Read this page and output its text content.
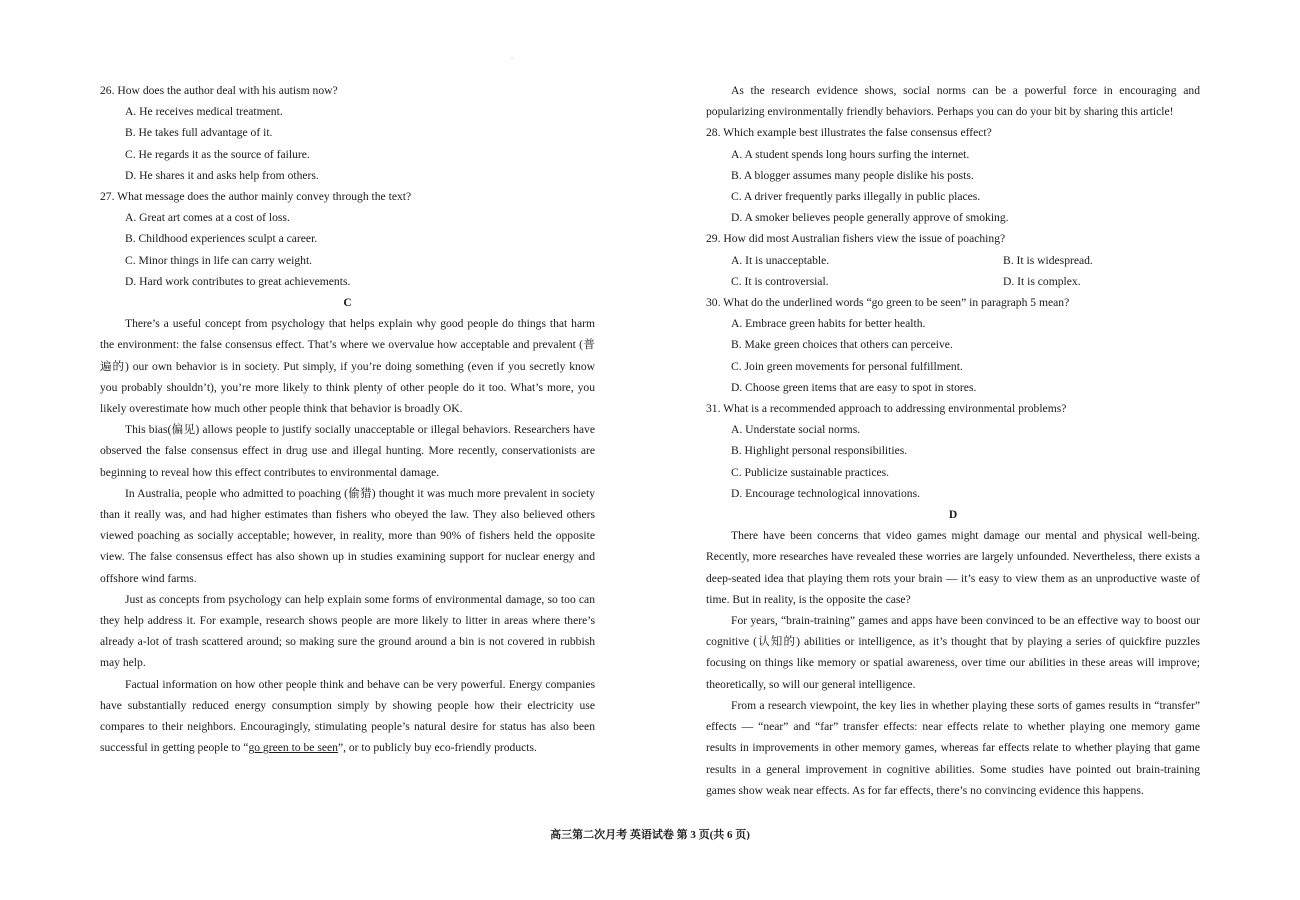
.

26. How does the author deal with his autism now?

A. He receives medical treatment.

B. He takes full advantage of it.

C. He regards it as the source of failure.

D. He shares it and asks help from others.

27. What message does the author mainly convey through the text?

A. Great art comes at a cost of loss.

B. Childhood experiences sculpt a career.

C. Minor things in life can carry weight.

D. Hard work contributes to great achievements.

C

There’s a useful concept from psychology that helps explain why good people do things that harm the environment: the false consensus effect. That’s where we overvalue how acceptable and prevalent (普遍的) our own behavior is in society. Put simply, if you’re doing something (even if you secretly know you probably shouldn’t), you’re more likely to think plenty of other people do it too. What’s more, you likely overestimate how much other people think that behavior is broadly OK.

This bias(偏见) allows people to justify socially unacceptable or illegal behaviors. Researchers have observed the false consensus effect in drug use and illegal hunting. More recently, conservationists are beginning to reveal how this effect contributes to environmental damage.

In Australia, people who admitted to poaching (偷猎) thought it was much more prevalent in society than it really was, and had higher estimates than fishers who obeyed the law. They also believed others viewed poaching as socially acceptable; however, in reality, more than 90% of fishers held the opposite view. The false consensus effect has also shown up in studies examining support for nuclear energy and offshore wind farms.

Just as concepts from psychology can help explain some forms of environmental damage, so too can they help address it. For example, research shows people are more likely to litter in areas where there’s already a-lot of trash scattered around; so making sure the ground around a bin is not covered in rubbish may help.

Factual information on how other people think and behave can be very powerful. Energy companies have substantially reduced energy consumption simply by showing people how their electricity use compares to their neighbors. Encouragingly, stimulating people’s natural desire for status has also been successful in getting people to “go green to be seen”, or to publicly buy eco-friendly products.

As the research evidence shows, social norms can be a powerful force in encouraging and popularizing environmentally friendly behaviors. Perhaps you can do your bit by sharing this article!

28. Which example best illustrates the false consensus effect?

A. A student spends long hours surfing the internet.

B. A blogger assumes many people dislike his posts.

C. A driver frequently parks illegally in public places.

D. A smoker believes people generally approve of smoking.

29. How did most Australian fishers view the issue of poaching?

A. It is unacceptable.	B. It is widespread.
C. It is controversial.	D. It is complex.

30. What do the underlined words “go green to be seen” in paragraph 5 mean?

A. Embrace green habits for better health.

B. Make green choices that others can perceive.

C. Join green movements for personal fulfillment.

D. Choose green items that are easy to spot in stores.

31. What is a recommended approach to addressing environmental problems?

A. Understate social norms.

B. Highlight personal responsibilities.

C. Publicize sustainable practices.

D. Encourage technological innovations.

D

There have been concerns that video games might damage our mental and physical well-being. Recently, more researches have revealed these worries are largely unfounded. Nevertheless, there exists a deep-seated idea that playing them rots your brain — it’s easy to view them as an unproductive waste of time. But in reality, is the opposite the case?

For years, “brain-training” games and apps have been convinced to be an effective way to boost our cognitive (认知的) abilities or intelligence, as it’s thought that by playing a series of quickfire puzzles focusing on things like memory or spatial awareness, over time our abilities in these areas will improve; theoretically, so will our general intelligence.

From a research viewpoint, the key lies in whether playing these sorts of games results in “transfer” effects — “near” and “far” transfer effects: near effects relate to whether playing one memory game results in improvements in other memory games, whereas far effects relate to whether playing that game results in a general improvement in cognitive abilities. Some studies have pointed out brain-training games show weak near effects. As for far effects, there’s no convincing evidence this happens.

高三第二次月考 英语试卷 第 3 页(共 6 页)
